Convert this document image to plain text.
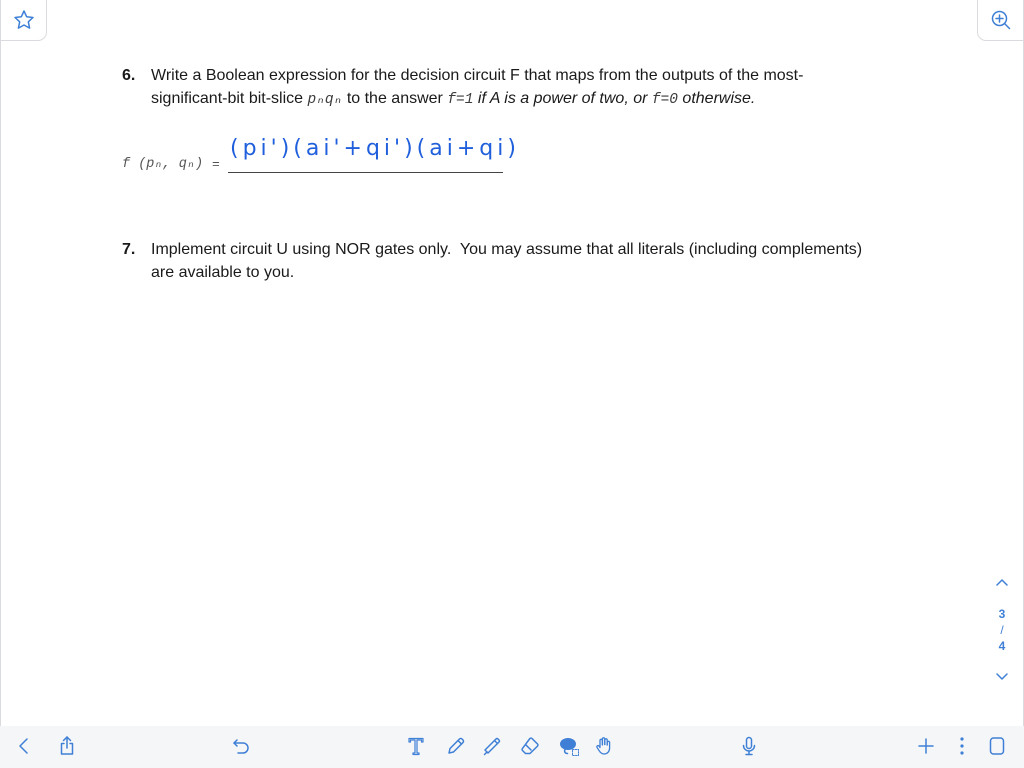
6. Write a Boolean expression for the decision circuit F that maps from the outputs of the most-
significant-bit bit-slice pₙqₙ to the answer f=1 if A is a power of two, or f=0 otherwise.
f (pₙ, qₙ) =
(pi')(ai'+qi')(ai+qi)
7. Implement circuit U using NOR gates only.  You may assume that all literals (including complements)
are available to you.
3
/
4
